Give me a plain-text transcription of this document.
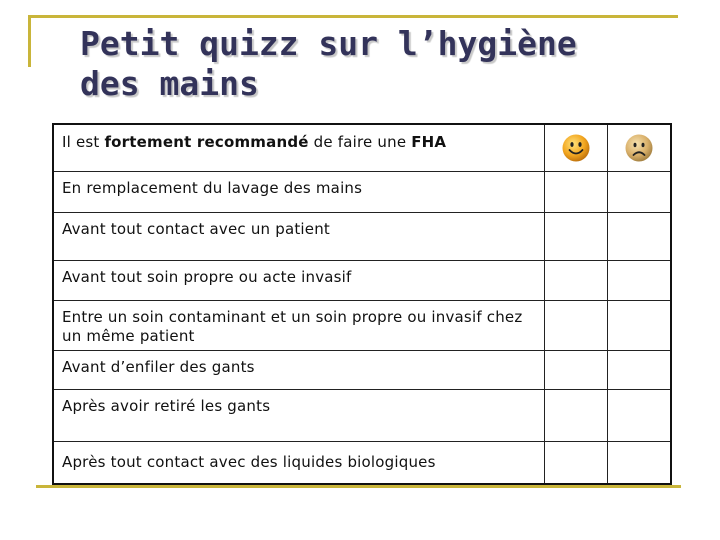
Petit quizz sur l’hygiène des mains
Il est fortement recommandé de faire une FHA
En remplacement du lavage des mains
Avant tout contact avec un patient
Avant tout soin propre ou acte invasif
Entre un soin contaminant et un soin propre ou invasif chez un même patient
Avant d’enfiler des gants
Après avoir retiré les gants
Après tout contact avec des liquides biologiques
